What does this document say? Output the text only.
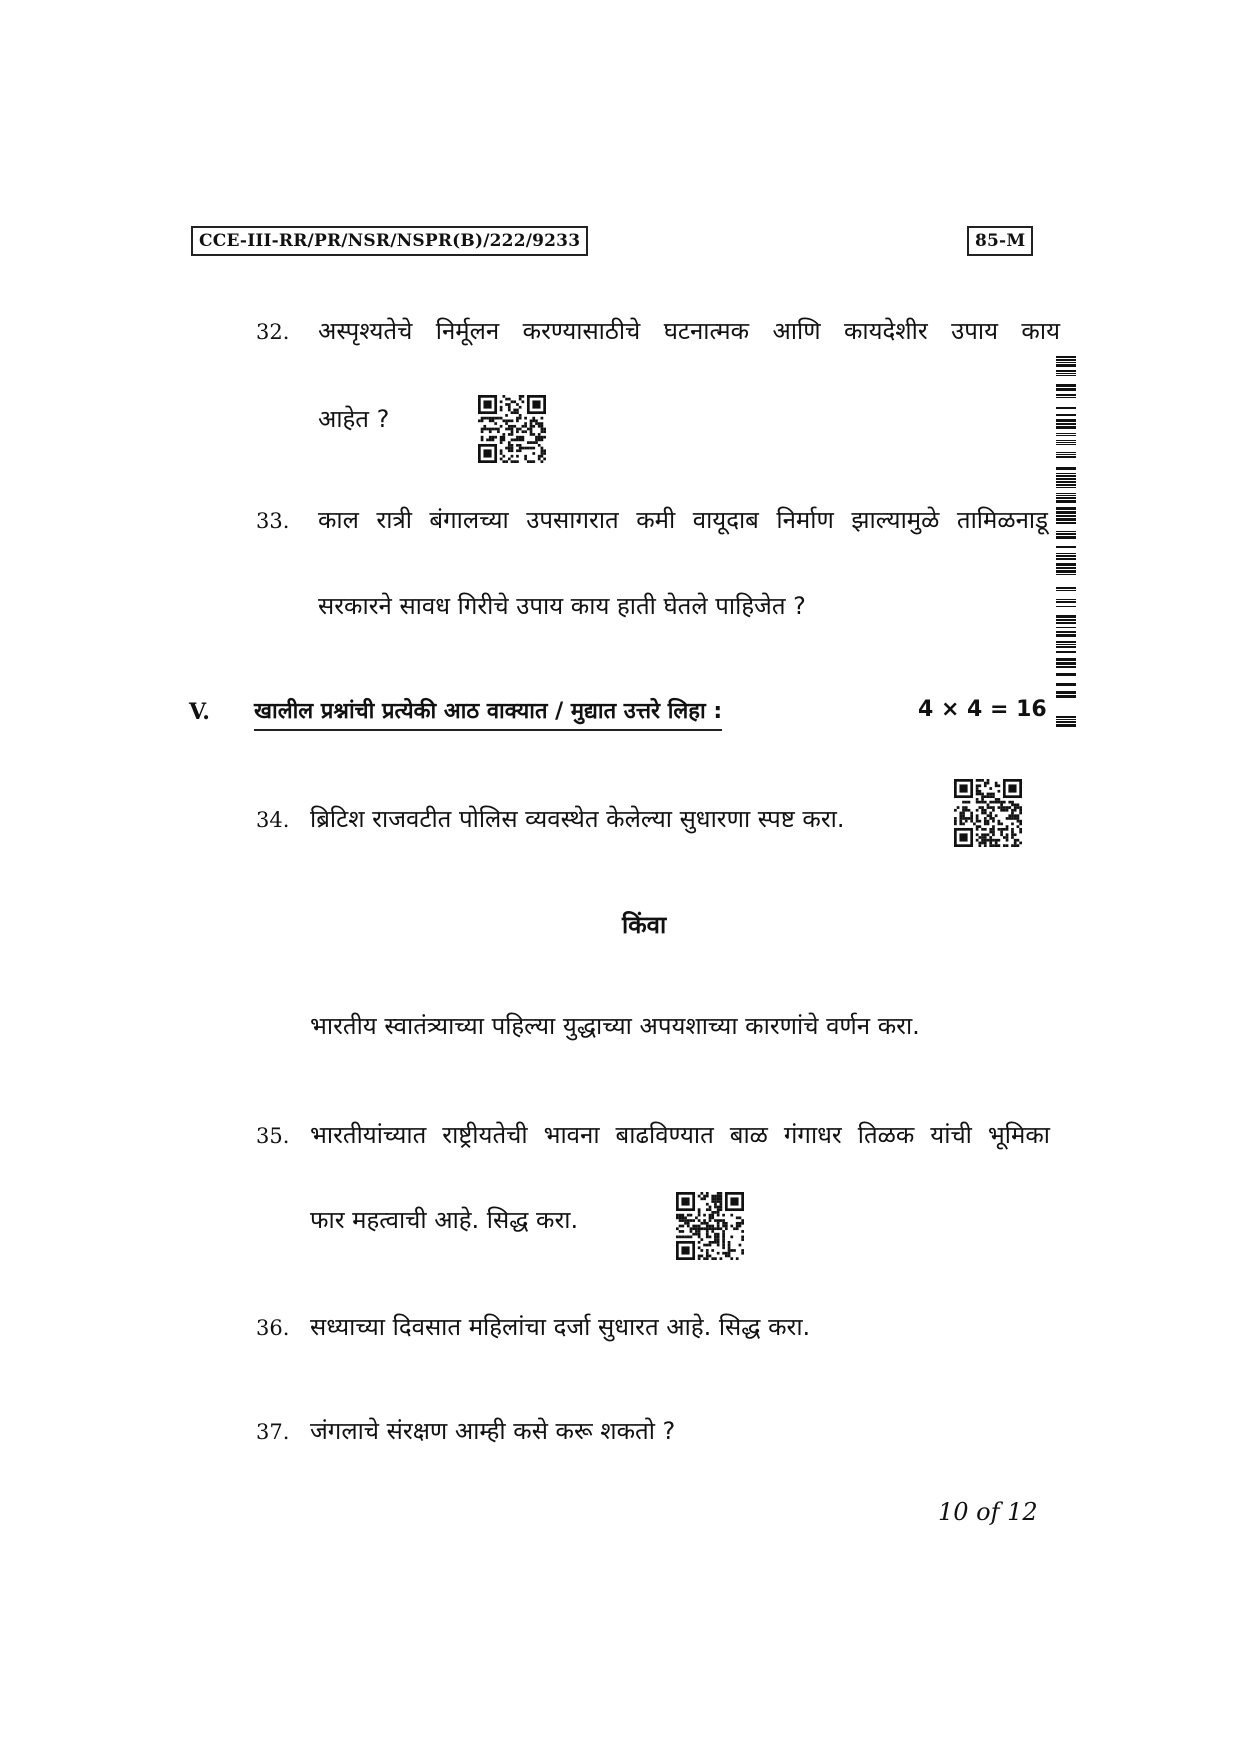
CCE-III-RR/PR/NSR/NSPR(B)/222/9233	85-M
32. अस्पृश्यतेचे निर्मूलन करण्यासाठीचे घटनात्मक आणि कायदेशीर उपाय काय
आहेत ?
33. काल रात्री बंगालच्या उपसागरात कमी वायूदाब निर्माण झाल्यामुळे तामिळनाडू
सरकारने सावध गिरीचे उपाय काय हाती घेतले पाहिजेत ?
V. खालील प्रश्नांची प्रत्येकी आठ वाक्यात / मुद्यात उत्तरे लिहा :	4 × 4 = 16
34. ब्रिटिश राजवटीत पोलिस व्यवस्थेत केलेल्या सुधारणा स्पष्ट करा.
किंवा
भारतीय स्वातंत्र्याच्या पहिल्या युद्धाच्या अपयशाच्या कारणांचे वर्णन करा.
35. भारतीयांच्यात राष्ट्रीयतेची भावना बाढविण्यात बाळ गंगाधर तिळक यांची भूमिका
फार महत्वाची आहे. सिद्ध करा.
36. सध्याच्या दिवसात महिलांचा दर्जा सुधारत आहे. सिद्ध करा.
37. जंगलाचे संरक्षण आम्ही कसे करू शकतो ?
10 of 12
